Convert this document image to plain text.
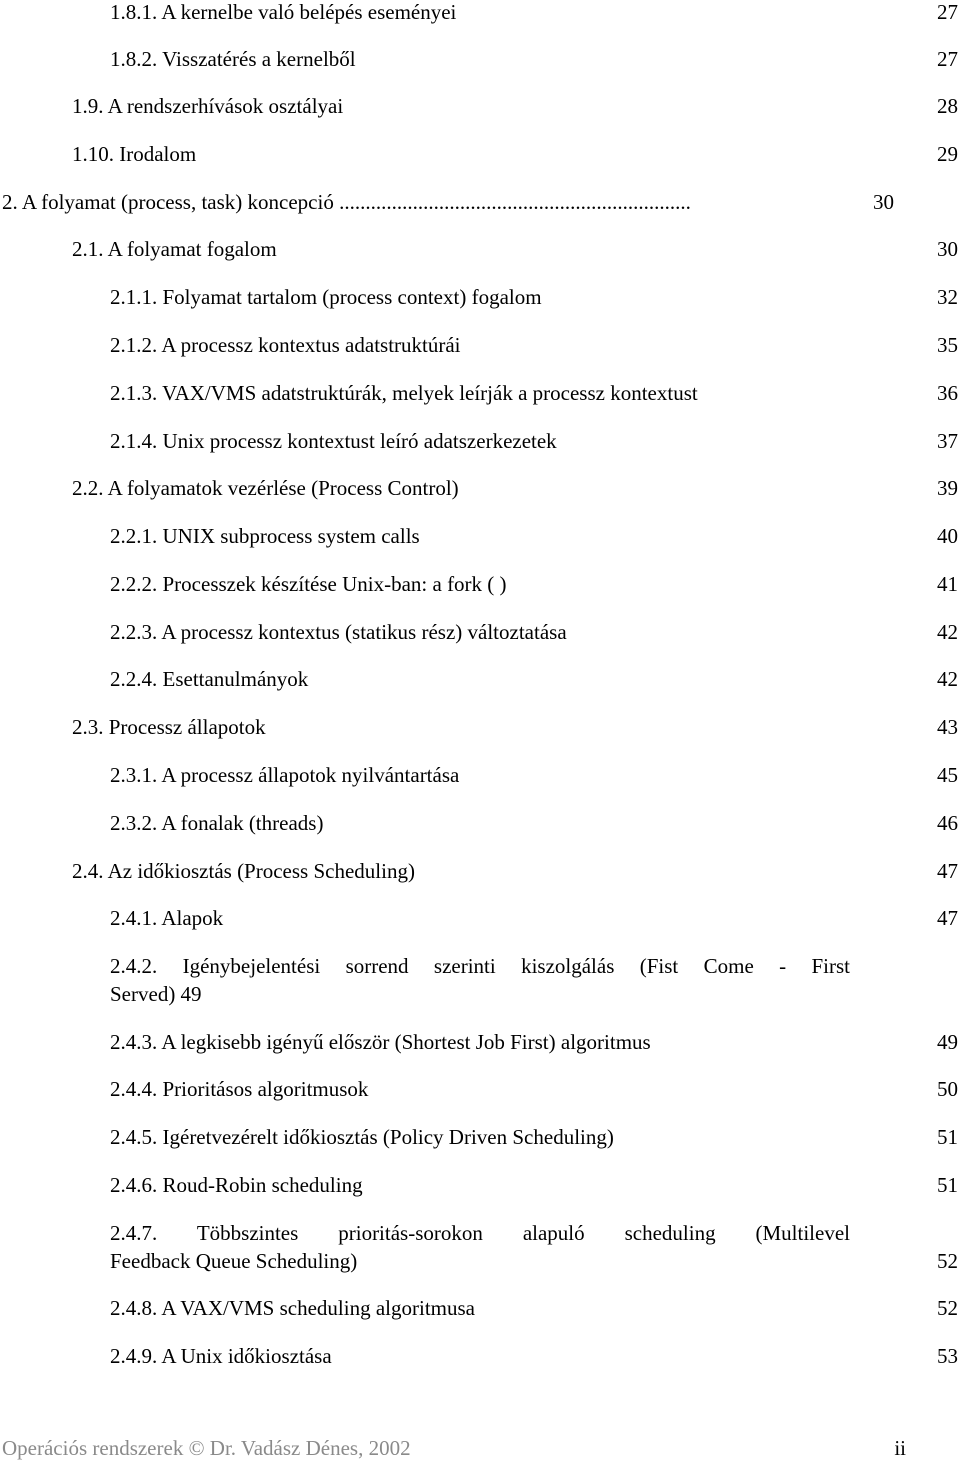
1.8.1. A kernelbe való belépés eseményei	27
1.8.2. Visszatérés a kernelből	27
1.9. A rendszerhívások osztályai	28
1.10. Irodalom	29
2. A folyamat (process, task) koncepció ...................................................................	30
2.1. A folyamat fogalom	30
2.1.1. Folyamat tartalom (process context) fogalom	32
2.1.2. A processz kontextus adatstruktúrái	35
2.1.3. VAX/VMS adatstruktúrák, melyek leírják a processz kontextust	36
2.1.4. Unix processz kontextust leíró adatszerkezetek	37
2.2. A folyamatok vezérlése (Process Control)	39
2.2.1. UNIX subprocess system calls	40
2.2.2. Processzek készítése Unix-ban: a fork ( )	41
2.2.3. A processz kontextus (statikus rész) változtatása	42
2.2.4. Esettanulmányok	42
2.3. Processz állapotok	43
2.3.1. A processz állapotok nyilvántartása	45
2.3.2. A fonalak (threads)	46
2.4. Az időkiosztás (Process Scheduling)	47
2.4.1. Alapok	47
2.4.2. Igénybejelentési sorrend szerinti kiszolgálás (Fist Come - First
Served) 49
2.4.3. A legkisebb igényű először (Shortest Job First) algoritmus	49
2.4.4. Prioritásos algoritmusok	50
2.4.5. Igéretvezérelt időkiosztás (Policy Driven Scheduling)	51
2.4.6. Roud-Robin scheduling	51
2.4.7. Többszintes prioritás-sorokon alapuló scheduling (Multilevel
Feedback Queue Scheduling)	52
2.4.8. A VAX/VMS scheduling algoritmusa	52
2.4.9. A Unix időkiosztása	53
Operációs rendszerek © Dr. Vadász Dénes, 2002	ii
